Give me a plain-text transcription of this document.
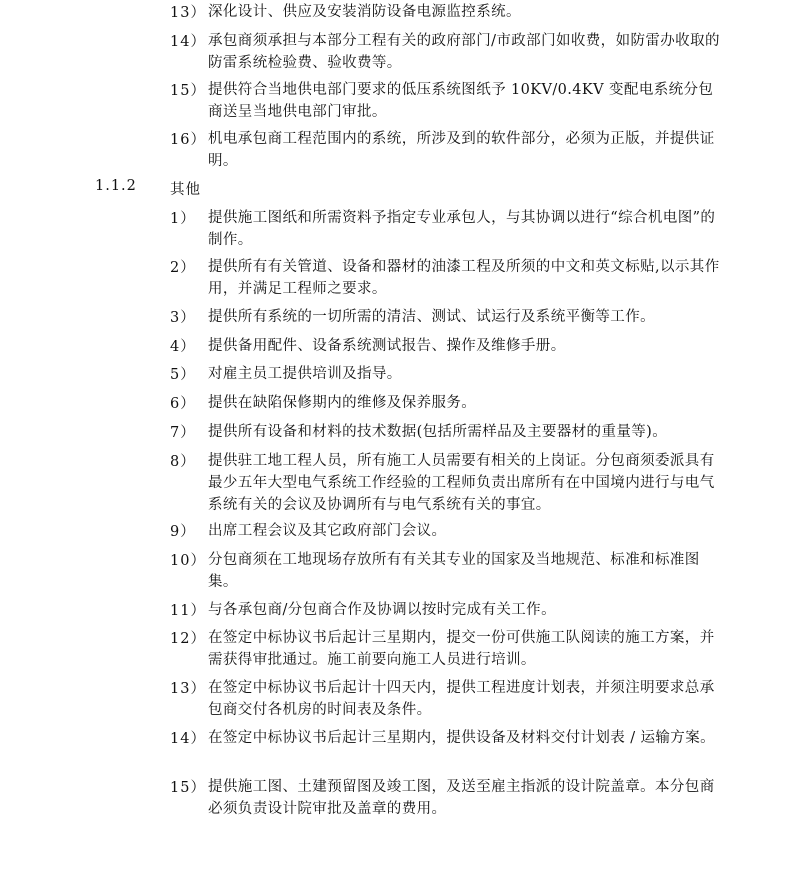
13） 深化设计、供应及安装消防设备电源监控系统。
14） 承包商须承担与本部分工程有关的政府部门/市政部门如收费，如防雷办收取的防雷系统检验费、验收费等。
15） 提供符合当地供电部门要求的低压系统图纸予 10KV/0.4KV 变配电系统分包商送呈当地供电部门审批。
16） 机电承包商工程范围内的系统，所涉及到的软件部分，必须为正版，并提供证明。
1.1.2 其他
1） 提供施工图纸和所需资料予指定专业承包人，与其协调以进行“综合机电图”的制作。
2） 提供所有有关管道、设备和器材的油漆工程及所须的中文和英文标贴,以示其作用，并满足工程师之要求。
3） 提供所有系统的一切所需的清洁、测试、试运行及系统平衡等工作。
4） 提供备用配件、设备系统测试报告、操作及维修手册。
5） 对雇主员工提供培训及指导。
6） 提供在缺陷保修期内的维修及保养服务。
7） 提供所有设备和材料的技术数据(包括所需样品及主要器材的重量等)。
8） 提供驻工地工程人员，所有施工人员需要有相关的上岗证。分包商须委派具有最少五年大型电气系统工作经验的工程师负责出席所有在中国境内进行与电气系统有关的会议及协调所有与电气系统有关的事宜。
9） 出席工程会议及其它政府部门会议。
10） 分包商须在工地现场存放所有有关其专业的国家及当地规范、标准和标准图集。
11） 与各承包商/分包商合作及协调以按时完成有关工作。
12） 在签定中标协议书后起计三星期内，提交一份可供施工队阅读的施工方案，并需获得审批通过。施工前要向施工人员进行培训。
13） 在签定中标协议书后起计十四天内，提供工程进度计划表，并须注明要求总承包商交付各机房的时间表及条件。
14） 在签定中标协议书后起计三星期内，提供设备及材料交付计划表 / 运输方案。
15） 提供施工图、土建预留图及竣工图，及送至雇主指派的设计院盖章。本分包商必须负责设计院审批及盖章的费用。
